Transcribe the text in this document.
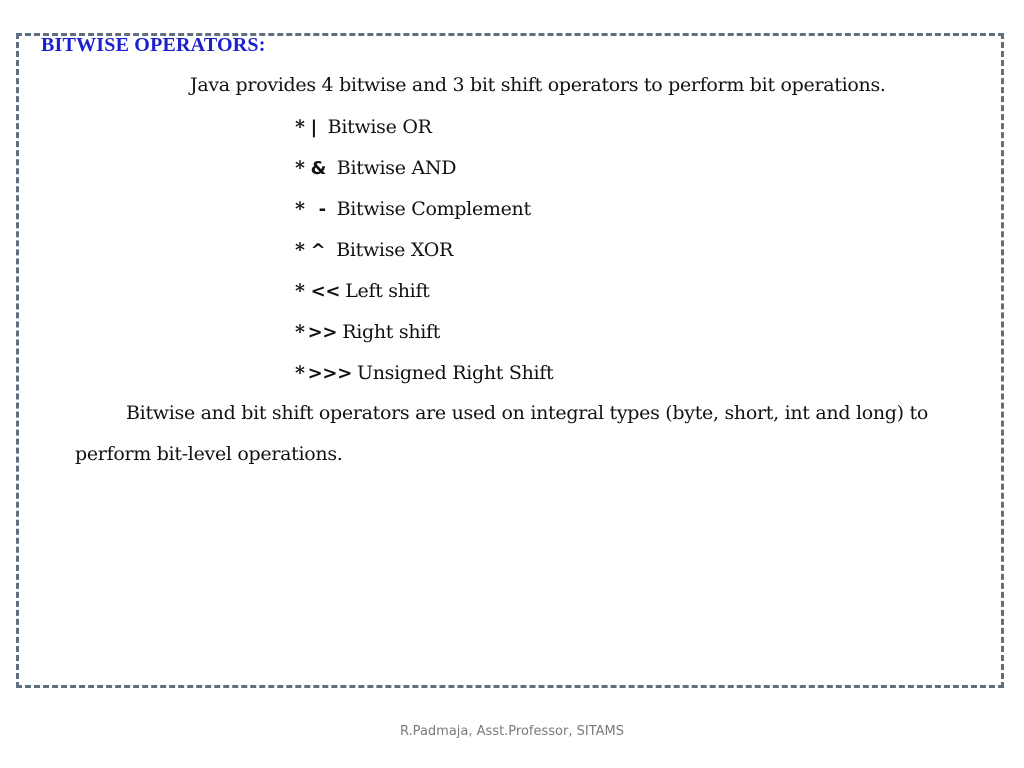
BITWISE OPERATORS:
Java provides 4 bitwise and 3 bit shift operators to perform bit operations.
* | Bitwise OR
* & Bitwise AND
* - Bitwise Complement
* ^ Bitwise XOR
* << Left shift
* >> Right shift
* >>> Unsigned Right Shift
Bitwise and bit shift operators are used on integral types (byte, short, int and long) to
perform bit-level operations.
R.Padmaja, Asst.Professor, SITAMS
